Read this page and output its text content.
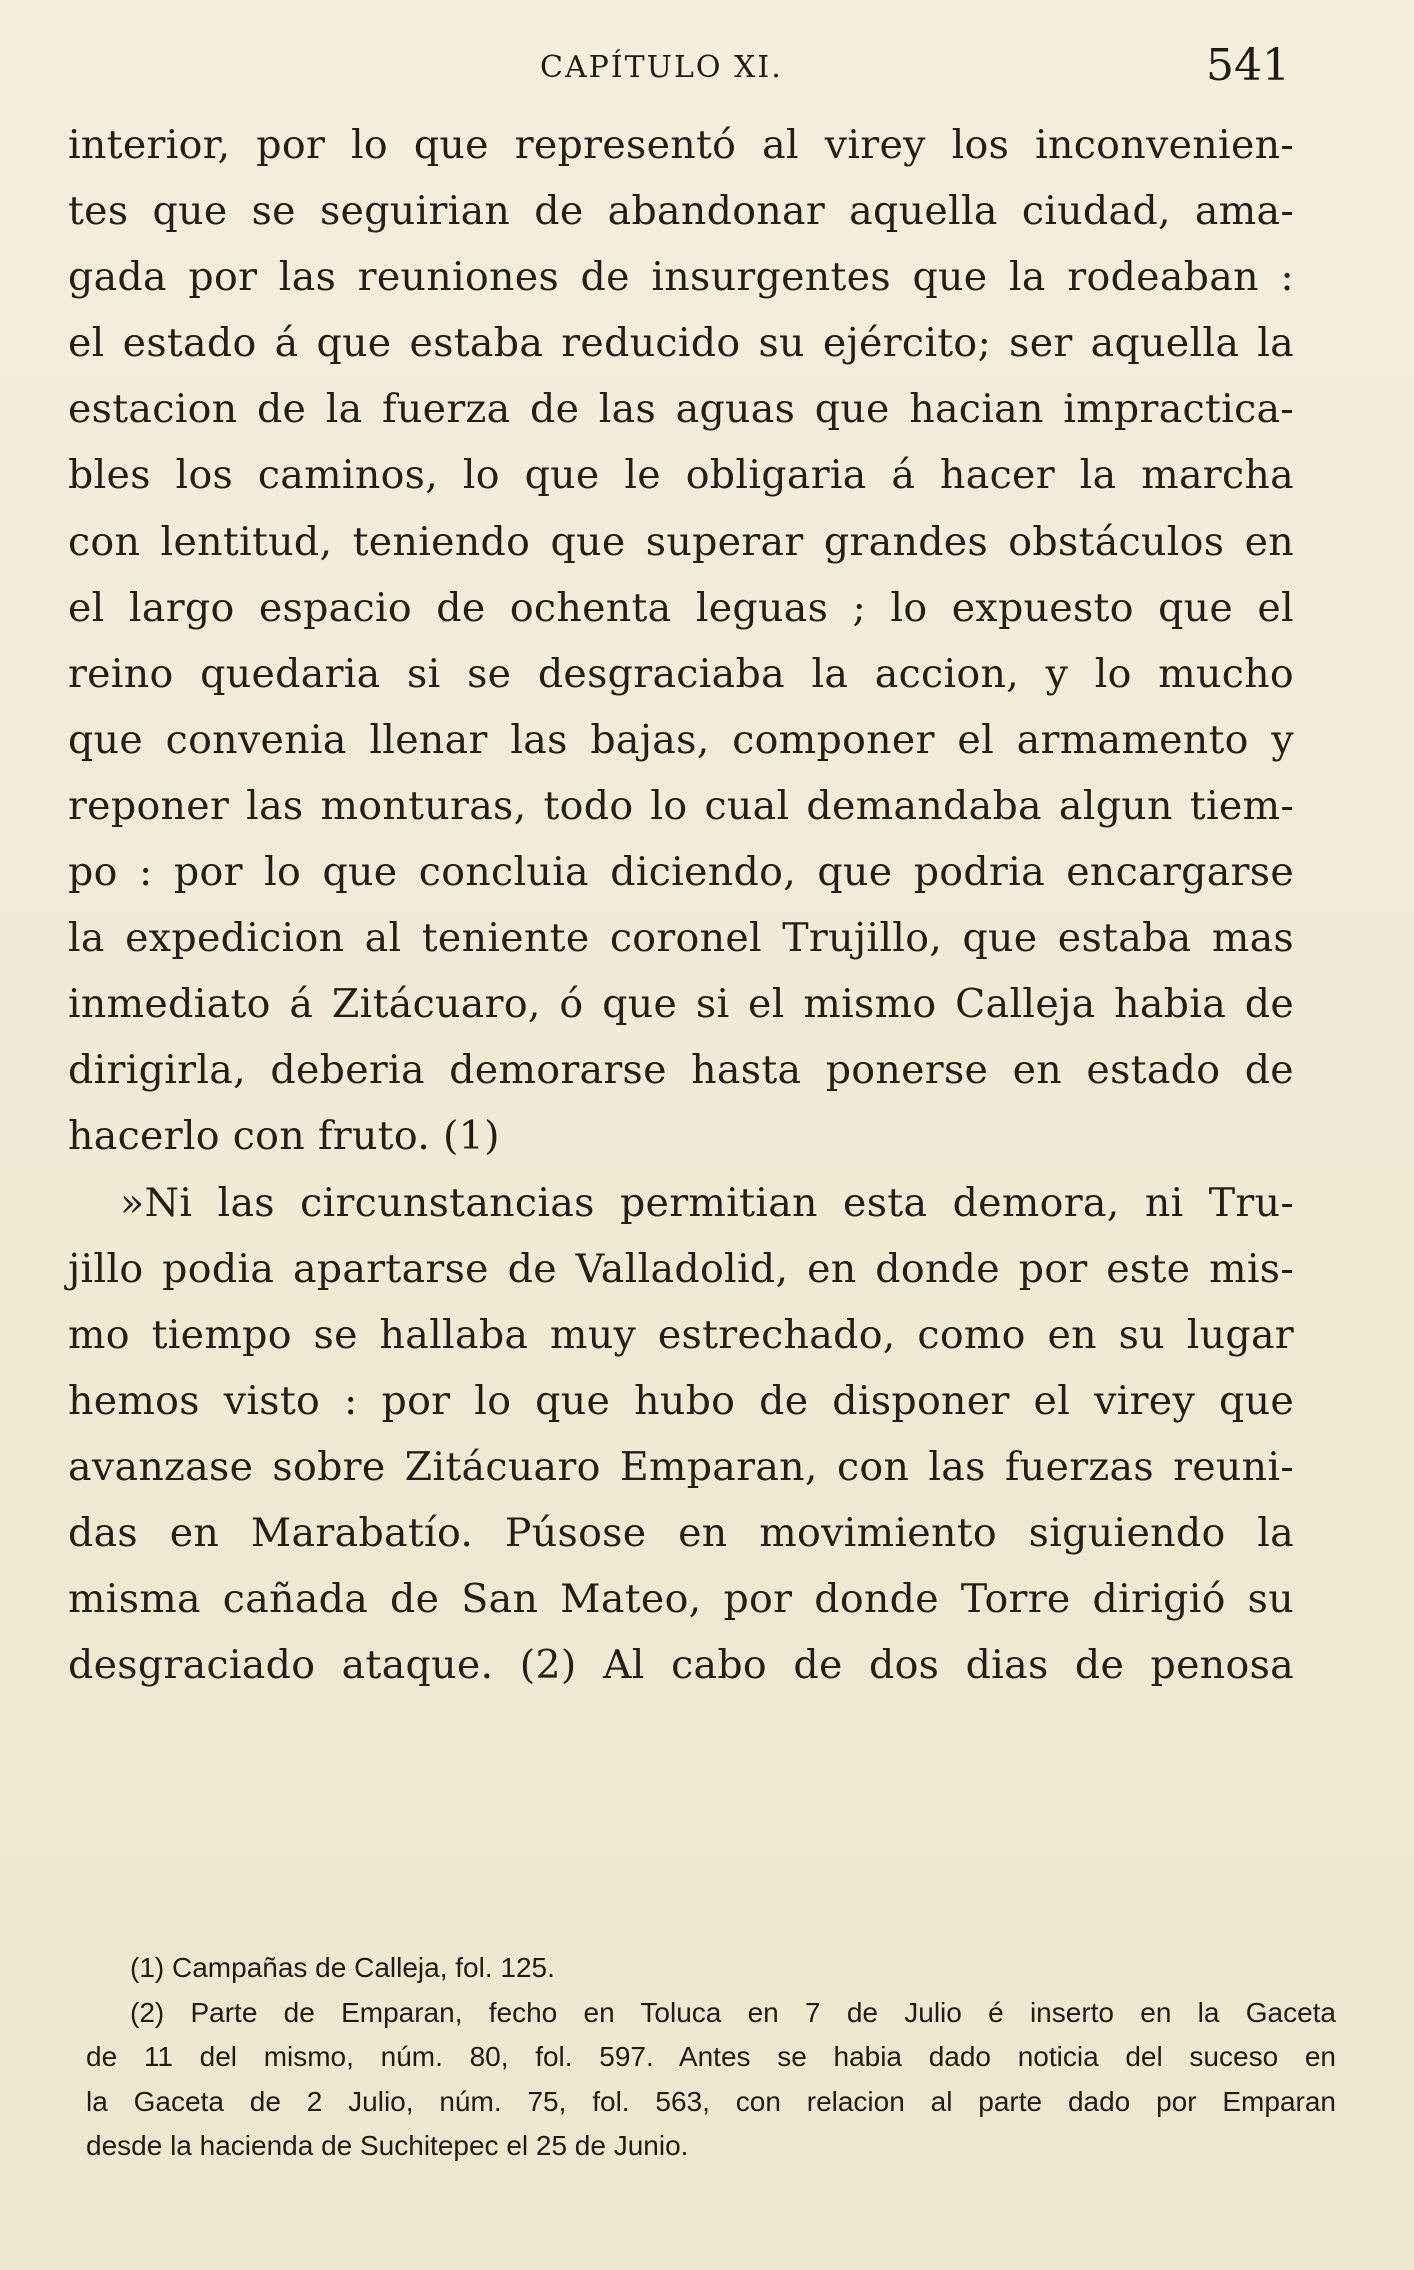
CAPÍTULO XI.	541
interior, por lo que representó al virey los inconvenien-
tes que se seguirian de abandonar aquella ciudad, ama-
gada por las reuniones de insurgentes que la rodeaban :
el estado á que estaba reducido su ejército; ser aquella la
estacion de la fuerza de las aguas que hacian impractica-
bles los caminos, lo que le obligaria á hacer la marcha
con lentitud, teniendo que superar grandes obstáculos en
el largo espacio de ochenta leguas ; lo expuesto que el
reino quedaria si se desgraciaba la accion, y lo mucho
que convenia llenar las bajas, componer el armamento y
reponer las monturas, todo lo cual demandaba algun tiem-
po : por lo que concluia diciendo, que podria encargarse
la expedicion al teniente coronel Trujillo, que estaba mas
inmediato á Zitácuaro, ó que si el mismo Calleja habia de
dirigirla, deberia demorarse hasta ponerse en estado de
hacerlo con fruto. (1)
»Ni las circunstancias permitian esta demora, ni Tru-
jillo podia apartarse de Valladolid, en donde por este mis-
mo tiempo se hallaba muy estrechado, como en su lugar
hemos visto : por lo que hubo de disponer el virey que
avanzase sobre Zitácuaro Emparan, con las fuerzas reuni-
das en Marabatío. Púsose en movimiento siguiendo la
misma cañada de San Mateo, por donde Torre dirigió su
desgraciado ataque. (2) Al cabo de dos dias de penosa
(1) Campañas de Calleja, fol. 125.
(2) Parte de Emparan, fecho en Toluca en 7 de Julio é inserto en la Gaceta
de 11 del mismo, núm. 80, fol. 597. Antes se habia dado noticia del suceso en
la Gaceta de 2 Julio, núm. 75, fol. 563, con relacion al parte dado por Emparan
desde la hacienda de Suchitepec el 25 de Junio.
